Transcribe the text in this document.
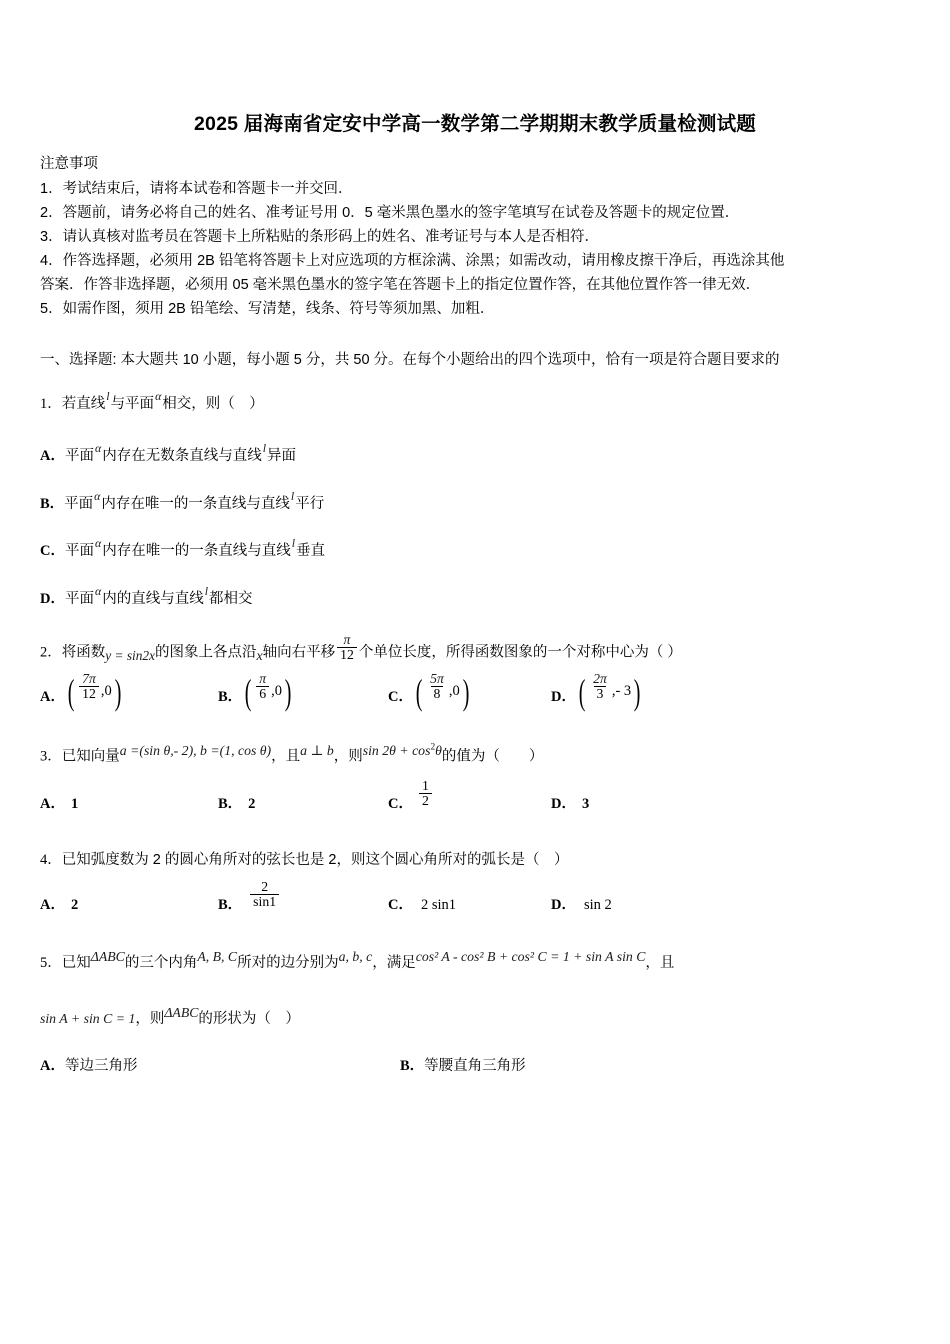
2025 届海南省定安中学高一数学第二学期期末教学质量检测试题
注意事项
1．考试结束后，请将本试卷和答题卡一并交回．
2．答题前，请务必将自己的姓名、准考证号用 0．5 毫米黑色墨水的签字笔填写在试卷及答题卡的规定位置．
3．请认真核对监考员在答题卡上所粘贴的条形码上的姓名、准考证号与本人是否相符．
4．作答选择题，必须用 2B 铅笔将答题卡上对应选项的方框涂满、涂黑；如需改动，请用橡皮擦干净后，再选涂其他
答案．作答非选择题，必须用 05 毫米黑色墨水的签字笔在答题卡上的指定位置作答，在其他位置作答一律无效．
5．如需作图，须用 2B 铅笔绘、写清楚，线条、符号等须加黑、加粗．
一、选择题: 本大题共 10 小题，每小题 5 分，共 50 分。在每个小题给出的四个选项中，恰有一项是符合题目要求的
1．若直线l与平面α相交，则（　）
A．平面α内存在无数条直线与直线l异面
B．平面α内存在唯一的一条直线与直线l平行
C．平面α内存在唯一的一条直线与直线l垂直
D．平面α内的直线与直线l都相交
2．将函数y = sin2x的图象上各点沿x轴向右平移 $\frac{\pi}{12}$ 个单位长度，所得函数图象的一个对称中心为（ ）
A． ( $\frac{7\pi}{12}$ , 0 )	B． ( $\frac{\pi}{6}$ , 0 )	C． ( $\frac{5\pi}{8}$ , 0 )	D． ( $\frac{2\pi}{3}$ , - 3 )
3．已知向量a =(sin θ,- 2), b =(1, cos θ)，且a ⊥ b，则$\sin 2\theta + \cos^2\theta$的值为（　　）
A． 1	B． 2	C． $\frac{1}{2}$	D． 3
4．已知弧度数为 2 的圆心角所对的弦长也是 2，则这个圆心角所对的弧长是（　）
A． 2	B． $\frac{2}{\sin 1}$	C． 2 sin1	D． sin 2
5．已知ΔABC的三个内角A, B, C所对的边分别为a, b, c，满足cos² A - cos² B + cos² C = 1 + sin A sin C，且
sin A + sin C = 1，则ΔABC的形状为（　）
A． 等边三角形	B． 等腰直角三角形
